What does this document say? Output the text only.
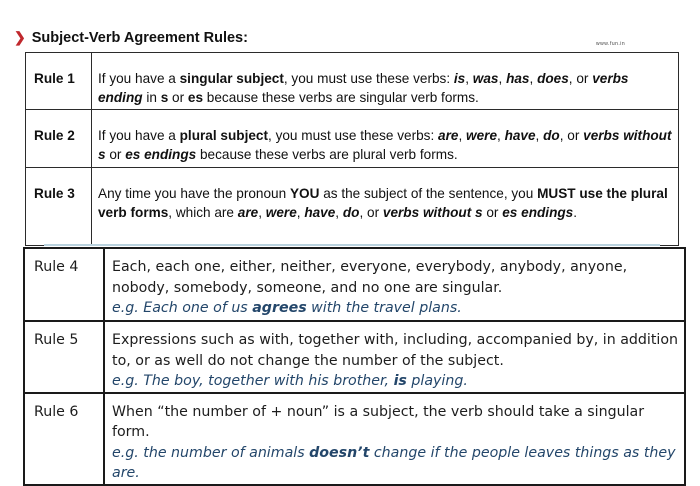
❯ Subject-Verb Agreement Rules:	www.fun.in
Rule 1	If you have a singular subject, you must use these verbs: is, was, has, does, or verbs ending in s or es because these verbs are singular verb forms.
Rule 2	If you have a plural subject, you must use these verbs: are, were, have, do, or verbs without s or es endings because these verbs are plural verb forms.
Rule 3	Any time you have the pronoun YOU as the subject of the sentence, you MUST use the plural verb forms, which are are, were, have, do, or verbs without s or es endings.
Rule 4	Each, each one, either, neither, everyone, everybody, anybody, anyone, nobody, somebody, someone, and no one are singular.
e.g. Each one of us agrees with the travel plans.

Rule 5	Expressions such as with, together with, including, accompanied by, in addition to, or as well do not change the number of the subject.
e.g. The boy, together with his brother, is playing.

Rule 6	When “the number of + noun” is a subject, the verb should take a singular form.
e.g. the number of animals doesn’t change if the people leaves things as they are.
